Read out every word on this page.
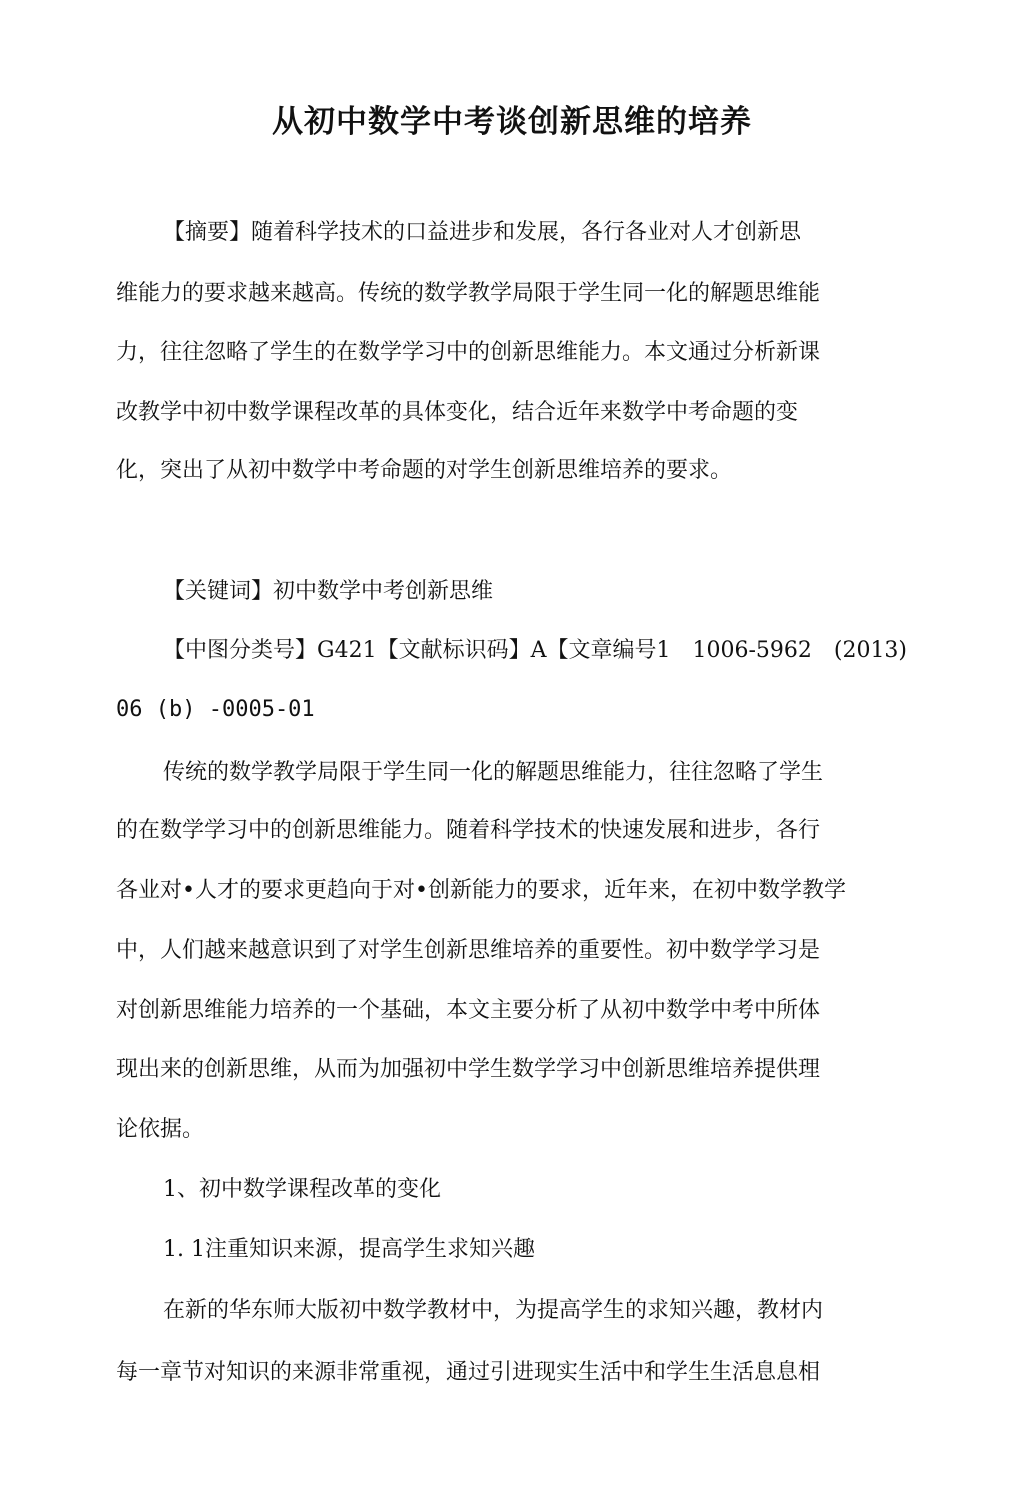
从初中数学中考谈创新思维的培养
【摘要】随着科学技术的口益进步和发展，各行各业对人才创新思
维能力的要求越来越高。传统的数学教学局限于学生同一化的解题思维能
力，往往忽略了学生的在数学学习中的创新思维能力。本文通过分析新课
改教学中初中数学课程改革的具体变化，结合近年来数学中考命题的变
化，突出了从初中数学中考命题的对学生创新思维培养的要求。
【关键词】初中数学中考创新思维
【中图分类号】G421【文献标识码】A【文章编号1　1006-5962　(2013)
06 (b) -0005-01
传统的数学教学局限于学生同一化的解题思维能力，往往忽略了学生
的在数学学习中的创新思维能力。随着科学技术的快速发展和进步，各行
各业对•人才的要求更趋向于对•创新能力的要求，近年来，在初中数学教学
中，人们越来越意识到了对学生创新思维培养的重要性。初中数学学习是
对创新思维能力培养的一个基础，本文主要分析了从初中数学中考中所体
现出来的创新思维，从而为加强初中学生数学学习中创新思维培养提供理
论依据。
1、初中数学课程改革的变化
1. 1注重知识来源，提高学生求知兴趣
在新的华东师大版初中数学教材中，为提高学生的求知兴趣，教材内
每一章节对知识的来源非常重视，通过引进现实生活中和学生生活息息相
